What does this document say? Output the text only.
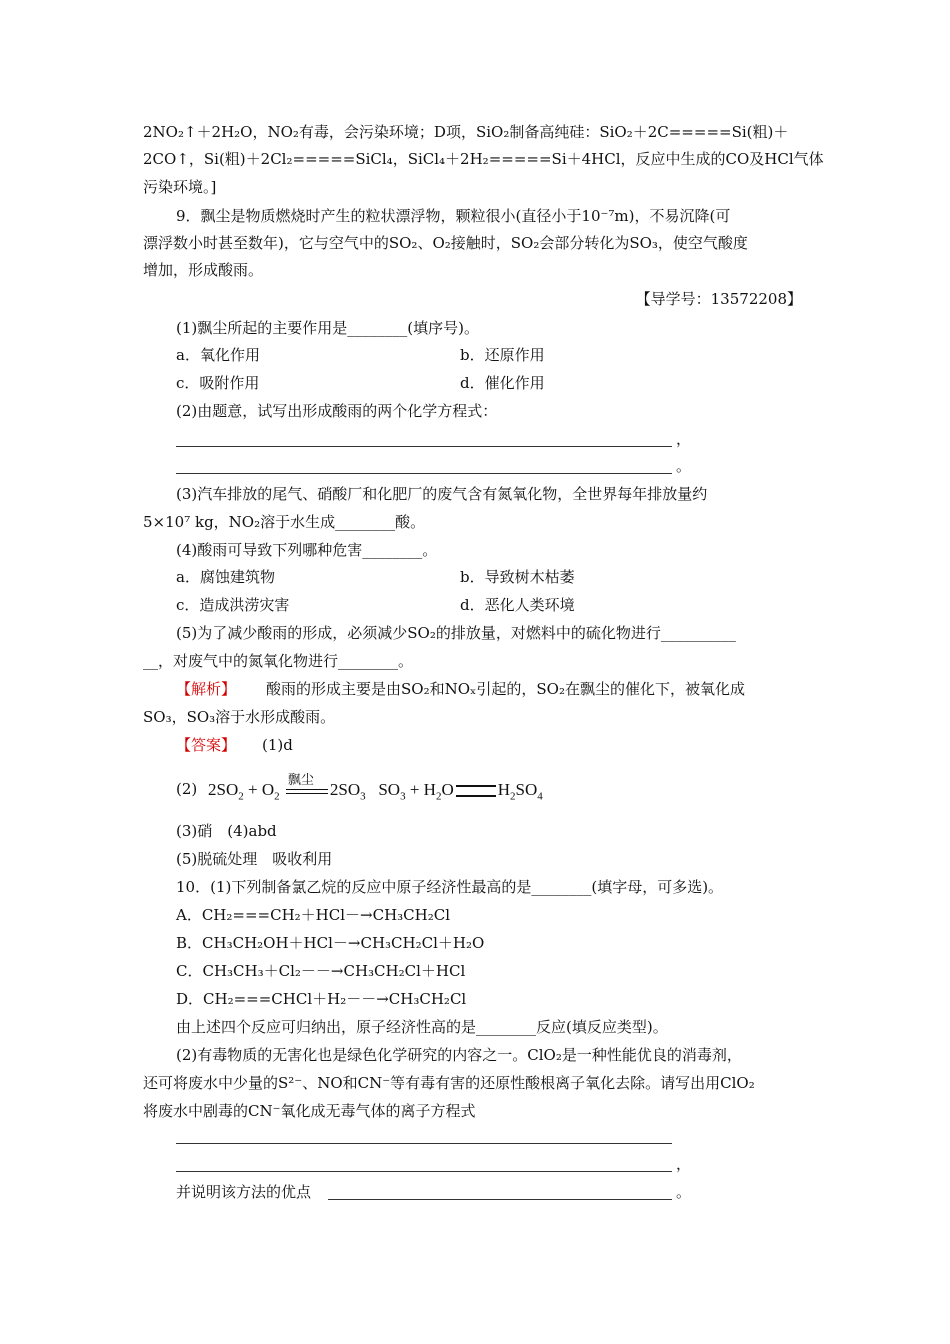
2NO₂↑＋2H₂O，NO₂有毒，会污染环境；D项，SiO₂制备高纯硅：SiO₂＋2C=====Si(粗)＋
2CO↑，Si(粗)＋2Cl₂=====SiCl₄，SiCl₄＋2H₂=====Si＋4HCl，反应中生成的CO及HCl气体
污染环境。]
9．飘尘是物质燃烧时产生的粒状漂浮物，颗粒很小(直径小于10⁻⁷m)，不易沉降(可
漂浮数小时甚至数年)，它与空气中的SO₂、O₂接触时，SO₂会部分转化为SO₃，使空气酸度
增加，形成酸雨。
【导学号：13572208】
(1)飘尘所起的主要作用是________(填序号)。
a．氧化作用	b．还原作用
c．吸附作用	d．催化作用
(2)由题意，试写出形成酸雨的两个化学方程式：
，
。
(3)汽车排放的尾气、硝酸厂和化肥厂的废气含有氮氧化物，全世界每年排放量约
5×10⁷ kg，NO₂溶于水生成________酸。
(4)酸雨可导致下列哪种危害________。
a．腐蚀建筑物	b．导致树木枯萎
c．造成洪涝灾害	d．恶化人类环境
(5)为了减少酸雨的形成，必须减少SO₂的排放量，对燃料中的硫化物进行__________
__，对废气中的氮氧化物进行________。
【解析】 酸雨的形成主要是由SO₂和NOₓ引起的，SO₂在飘尘的催化下，被氧化成
SO₃，SO₃溶于水形成酸雨。
【答案】 (1)d
(2) $2SO_2 + O_2$
飘尘
$2SO_3$   $SO_3 + H_2O$	$H_2SO_4$
(3)硝　(4)abd
(5)脱硫处理　吸收利用
10．(1)下列制备氯乙烷的反应中原子经济性最高的是________(填字母，可多选)。
A．CH₂===CH₂＋HCl－→CH₃CH₂Cl
B．CH₃CH₂OH＋HCl－→CH₃CH₂Cl＋H₂O
C．CH₃CH₃＋Cl₂－－→CH₃CH₂Cl＋HCl
D．CH₂===CHCl＋H₂－－→CH₃CH₂Cl
由上述四个反应可归纳出，原子经济性高的是________反应(填反应类型)。
(2)有毒物质的无害化也是绿色化学研究的内容之一。ClO₂是一种性能优良的消毒剂，
还可将废水中少量的S²⁻、NO和CN⁻等有毒有害的还原性酸根离子氧化去除。请写出用ClO₂
将废水中剧毒的CN⁻氧化成无毒气体的离子方程式
，
并说明该方法的优点	。
